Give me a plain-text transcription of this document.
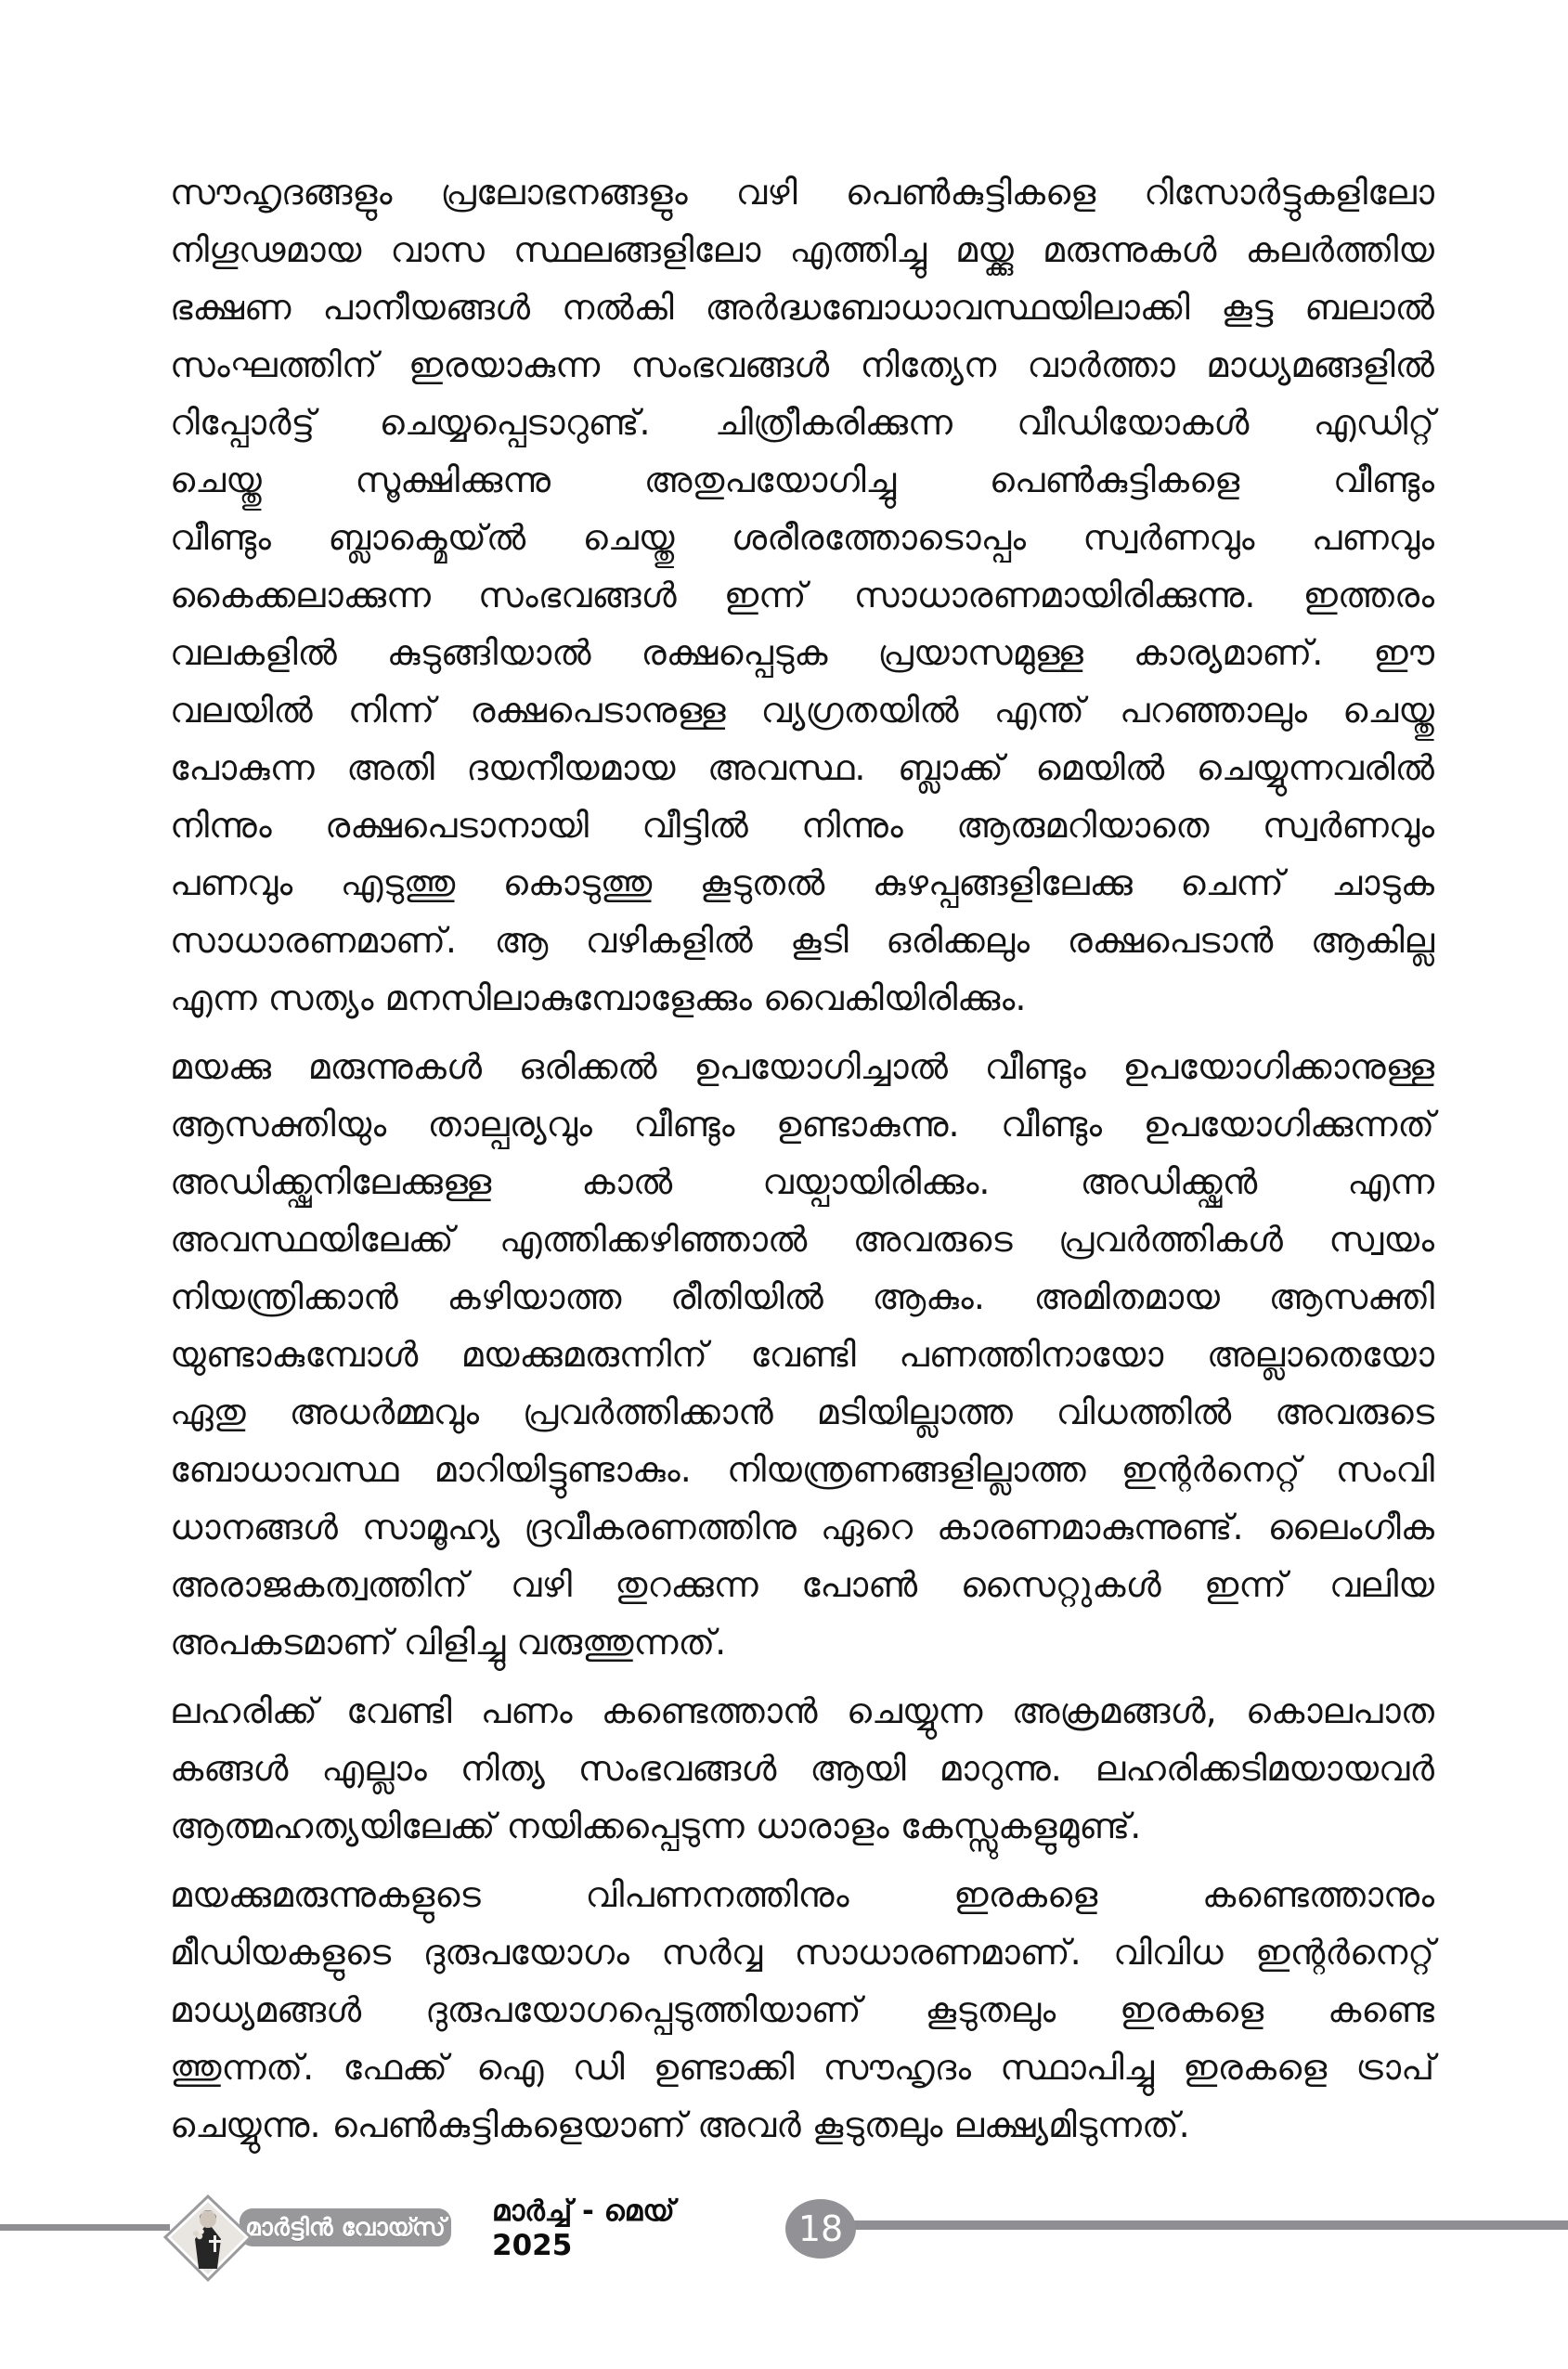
സൗഹൃദങ്ങളും പ്രലോഭനങ്ങളും വഴി പെൺകുട്ടികളെ റിസോർട്ടുകളിലോ
നിഗൂഢമായ വാസ സ്ഥലങ്ങളിലോ എത്തിച്ചു മയ്ക്കു മരുന്നുകൾ കലർത്തിയ
ഭക്ഷണ പാനീയങ്ങൾ നൽകി അർദ്ധബോധാവസ്ഥയിലാക്കി കൂട്ട ബലാൽ
സംഘത്തിന് ഇരയാകുന്ന സംഭവങ്ങൾ നിത്യേന വാർത്താ മാധ്യമങ്ങളിൽ
റിപ്പോർട്ട് ചെയ്യപ്പെടാറുണ്ട്. ചിത്രീകരിക്കുന്ന വീഡിയോകൾ എഡിറ്റ്
ചെയ്തു സൂക്ഷിക്കുന്നു അതുപയോഗിച്ചു പെൺകുട്ടികളെ വീണ്ടും
വീണ്ടും ബ്ലാക്മെയ്ൽ ചെയ്തു ശരീരത്തോടൊപ്പം സ്വർണവും പണവും
കൈക്കലാക്കുന്ന സംഭവങ്ങൾ ഇന്ന് സാധാരണമായിരിക്കുന്നു. ഇത്തരം
വലകളിൽ കുടുങ്ങിയാൽ രക്ഷപ്പെടുക പ്രയാസമുള്ള കാര്യമാണ്. ഈ
വലയിൽ നിന്ന് രക്ഷപെടാനുള്ള വ്യഗ്രതയിൽ എന്ത് പറഞ്ഞാലും ചെയ്തു
പോകുന്ന അതി ദയനീയമായ അവസ്ഥ. ബ്ലാക്ക് മെയിൽ ചെയ്യുന്നവരിൽ
നിന്നും രക്ഷപെടാനായി വീട്ടിൽ നിന്നും ആരുമറിയാതെ സ്വർണവും
പണവും എടുത്തു കൊടുത്തു കൂടുതൽ കുഴപ്പങ്ങളിലേക്കു ചെന്ന് ചാടുക
സാധാരണമാണ്. ആ വഴികളിൽ കൂടി ഒരിക്കലും രക്ഷപെടാൻ ആകില്ല
എന്ന സത്യം മനസിലാകുമ്പോളേക്കും വൈകിയിരിക്കും.
മയക്കു മരുന്നുകൾ ഒരിക്കൽ ഉപയോഗിച്ചാൽ വീണ്ടും ഉപയോഗിക്കാനുള്ള
ആസക്തിയും താല്പര്യവും വീണ്ടും ഉണ്ടാകുന്നു. വീണ്ടും ഉപയോഗിക്കുന്നത്
അഡിക്ക്ഷനിലേക്കുള്ള കാൽ വയ്പായിരിക്കും. അഡിക്ക്ഷൻ എന്ന
അവസ്ഥയിലേക്ക് എത്തിക്കഴിഞ്ഞാൽ അവരുടെ പ്രവർത്തികൾ സ്വയം
നിയന്ത്രിക്കാൻ കഴിയാത്ത രീതിയിൽ ആകും. അമിതമായ ആസക്തി
യുണ്ടാകുമ്പോൾ മയക്കുമരുന്നിന് വേണ്ടി പണത്തിനായോ അല്ലാതെയോ
ഏതു അധർമ്മവും പ്രവർത്തിക്കാൻ മടിയില്ലാത്ത വിധത്തിൽ അവരുടെ
ബോധാവസ്ഥ മാറിയിട്ടുണ്ടാകും. നിയന്ത്രണങ്ങളില്ലാത്ത ഇന്റർനെറ്റ് സംവി
ധാനങ്ങൾ സാമൂഹ്യ ദ്രവീകരണത്തിനു ഏറെ കാരണമാകുന്നുണ്ട്. ലൈംഗീക
അരാജകത്വത്തിന് വഴി തുറക്കുന്ന പോൺ സൈറ്റുകൾ ഇന്ന് വലിയ
അപകടമാണ് വിളിച്ചു വരുത്തുന്നത്.
ലഹരിക്ക് വേണ്ടി പണം കണ്ടെത്താൻ ചെയ്യുന്ന അക്രമങ്ങൾ, കൊലപാത
കങ്ങൾ എല്ലാം നിത്യ സംഭവങ്ങൾ ആയി മാറുന്നു. ലഹരിക്കടിമയായവർ
ആത്മഹത്യയിലേക്ക് നയിക്കപ്പെടുന്ന ധാരാളം കേസ്സുകളുമുണ്ട്.
മയക്കുമരുന്നുകളുടെ വിപണനത്തിനും ഇരകളെ കണ്ടെത്താനും
മീഡിയകളുടെ ദുരുപയോഗം സർവ്വ സാധാരണമാണ്. വിവിധ ഇന്റർനെറ്റ്
മാധ്യമങ്ങൾ ദുരുപയോഗപ്പെടുത്തിയാണ് കൂടുതലും ഇരകളെ കണ്ടെ
ത്തുന്നത്. ഫേക്ക് ഐ ഡി ഉണ്ടാക്കി സൗഹൃദം സ്ഥാപിച്ചു ഇരകളെ ട്രാപ്
ചെയ്യുന്നു. പെൺകുട്ടികളെയാണ് അവർ കൂടുതലും ലക്ഷ്യമിടുന്നത്.
മാർട്ടിൻ വോയ്സ് മാർച്ച് - മെയ് 2025	18
